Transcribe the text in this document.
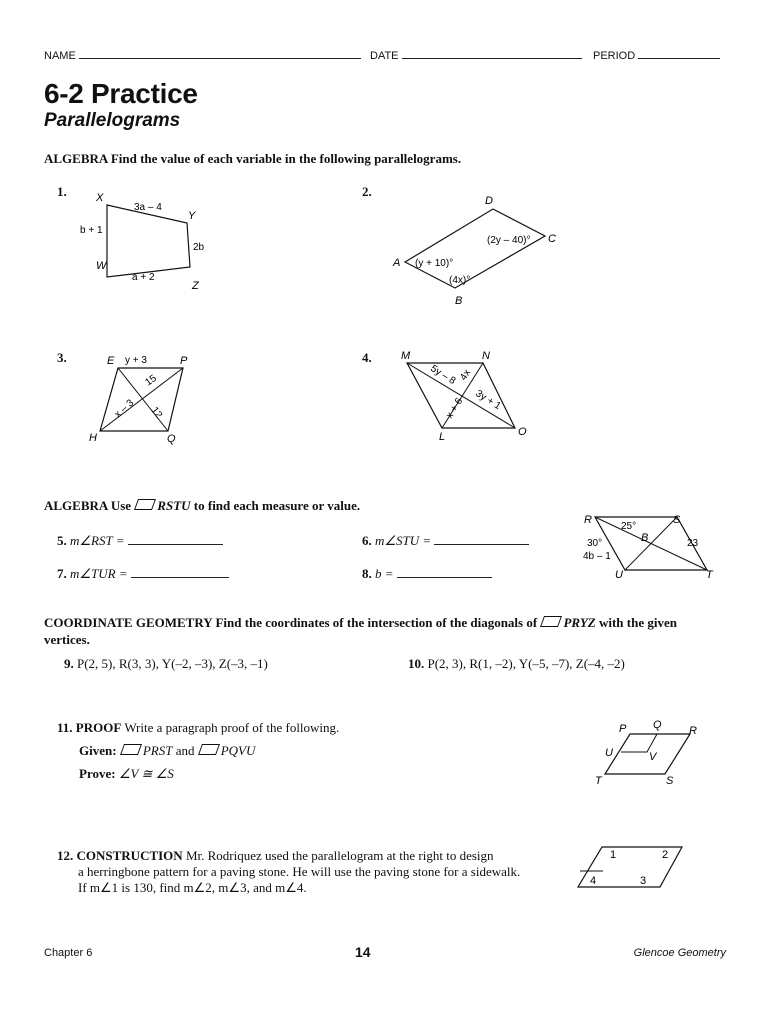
NAME	DATE	PERIOD
6-2 Practice
Parallelograms
ALGEBRA Find the value of each variable in the following parallelograms.
1.	X
Y
W
Z
3a – 4
b + 1
2b
a + 2
2.
D
C
A
B
(2y – 40)°
(y + 10)°
(4x)°
3.	E	P
H	Q
y + 3
15
x – 3 12
4.	M	N
L	O
5y – 8 4x
x + 6 3y + 1
ALGEBRA Use RSTU to find each measure or value.
5. m∠RST =	6. m∠STU =
7. m∠TUR =	8. b =
R	S
U	T
B
25°
30°	23
4b – 1
COORDINATE GEOMETRY Find the coordinates of the intersection of the diagonals of PRYZ with the given vertices.
9. P(2, 5), R(3, 3), Y(–2, –3), Z(–3, –1)	10. P(2, 3), R(1, –2), Y(–5, –7), Z(–4, –2)
11. PROOF Write a paragraph proof of the following.
Given: PRST and PQVU
Prove: ∠V ≅ ∠S
P Q R
U	V
T	S
12. CONSTRUCTION Mr. Rodriquez used the parallelogram at the right to design
a herringbone pattern for a paving stone. He will use the paving stone for a sidewalk.
If m∠1 is 130, find m∠2, m∠3, and m∠4.
1	2
3
4
Chapter 6	14	Glencoe Geometry
